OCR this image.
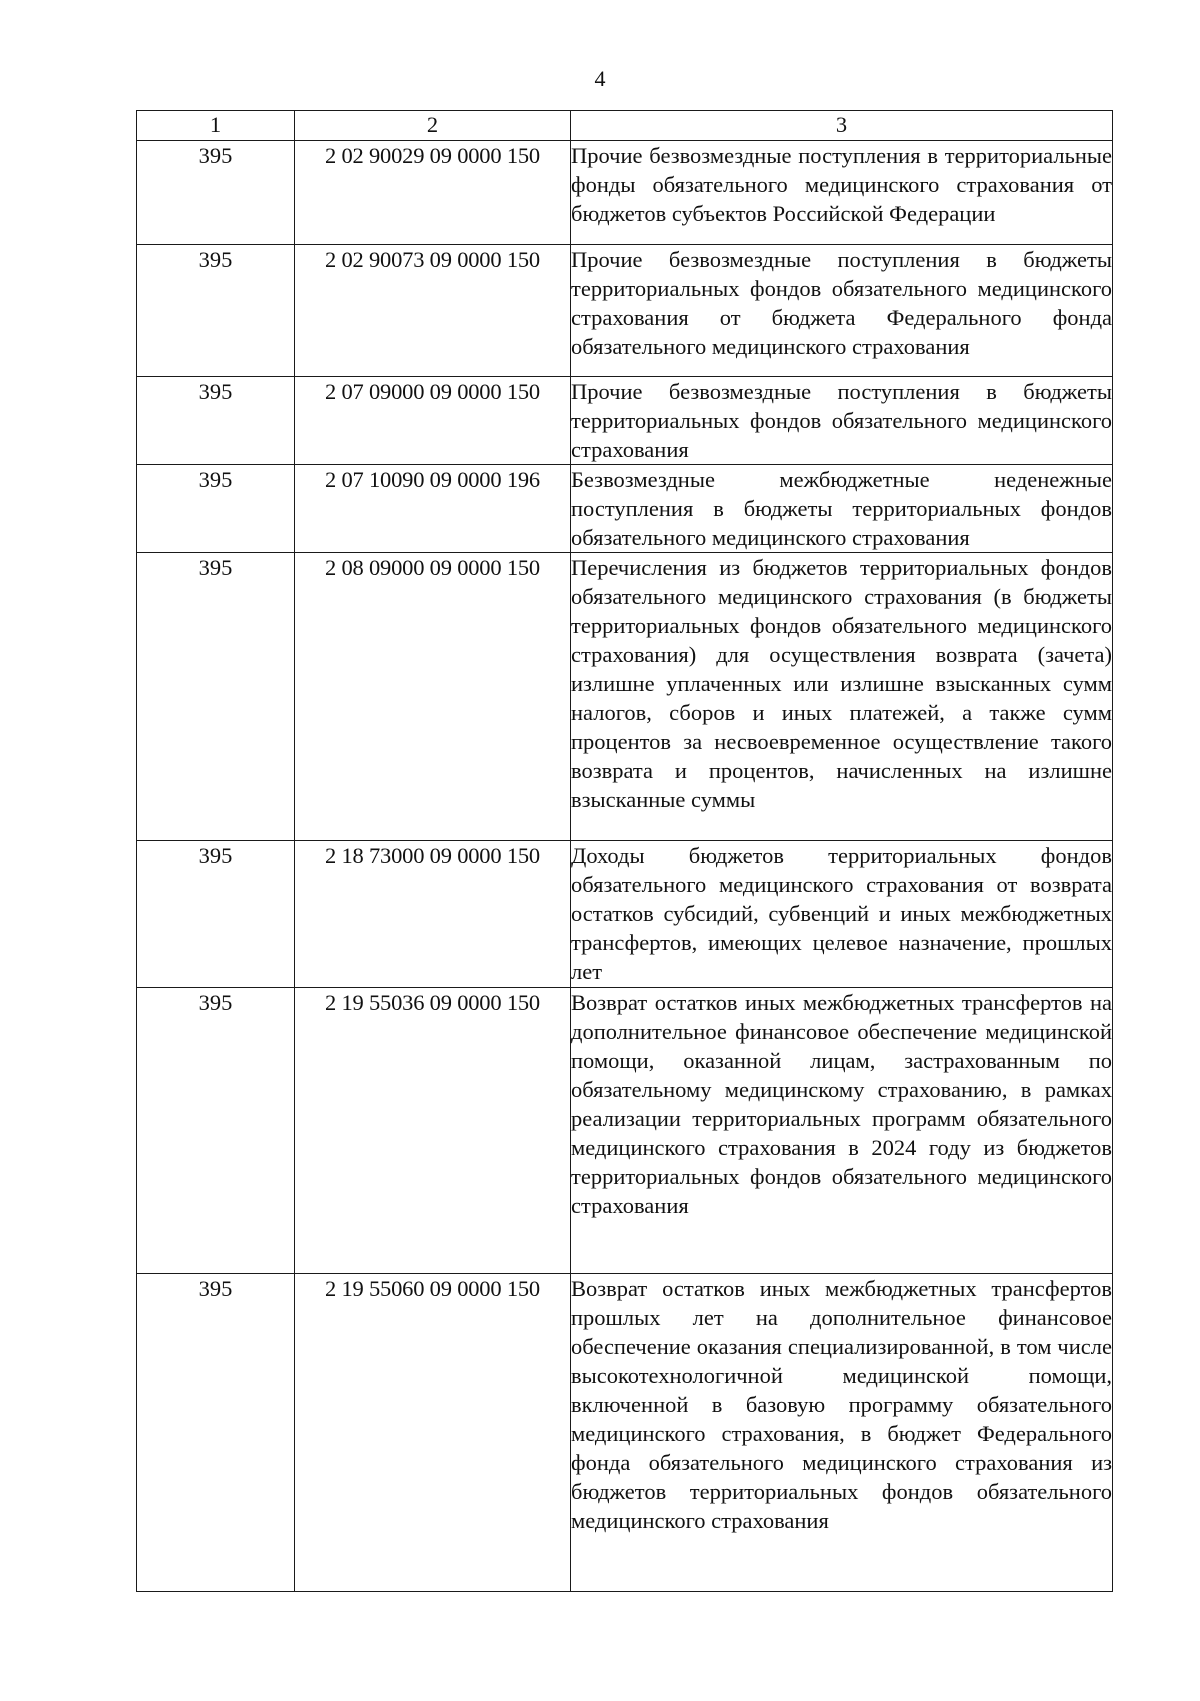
4
1	2	3
395	2 02 90029 09 0000 150	Прочие безвозмездные поступления в территориальные фонды обязательного медицинского страхования от бюджетов субъектов Российской Федерации
395	2 02 90073 09 0000 150	Прочие безвозмездные поступления в бюджеты территориальных фондов обязательного медицинского страхования от бюджета Федерального фонда обязательного медицинского страхования
395	2 07 09000 09 0000 150	Прочие безвозмездные поступления в бюджеты территориальных фондов обязательного медицинского страхования
395	2 07 10090 09 0000 196	Безвозмездные межбюджетные неденежные поступления в бюджеты территориальных фондов обязательного медицинского страхования
395	2 08 09000 09 0000 150	Перечисления из бюджетов территориальных фондов обязательного медицинского страхования (в бюджеты территориальных фондов обязательного медицинского страхования) для осуществления возврата (зачета) излишне уплаченных или излишне взысканных сумм налогов, сборов и иных платежей, а также сумм процентов за несвоевременное осуществление такого возврата и процентов, начисленных на излишне взысканные суммы
395	2 18 73000 09 0000 150	Доходы бюджетов территориальных фондов обязательного медицинского страхования от возврата остатков субсидий, субвенций и иных межбюджетных трансфертов, имеющих целевое назначение, прошлых лет
395	2 19 55036 09 0000 150	Возврат остатков иных межбюджетных трансфертов на дополнительное финансовое обеспечение медицинской помощи, оказанной лицам, застрахованным по обязательному медицинскому страхованию, в рамках реализации территориальных программ обязательного медицинского страхования в 2024 году из бюджетов территориальных фондов обязательного медицинского страхования
395	2 19 55060 09 0000 150	Возврат остатков иных межбюджетных трансфертов прошлых лет на дополнительное финансовое обеспечение оказания специализированной, в том числе высокотехнологичной медицинской помощи, включенной в базовую программу обязательного медицинского страхования, в бюджет Федерального фонда обязательного медицинского страхования из бюджетов территориальных фондов обязательного медицинского страхования
